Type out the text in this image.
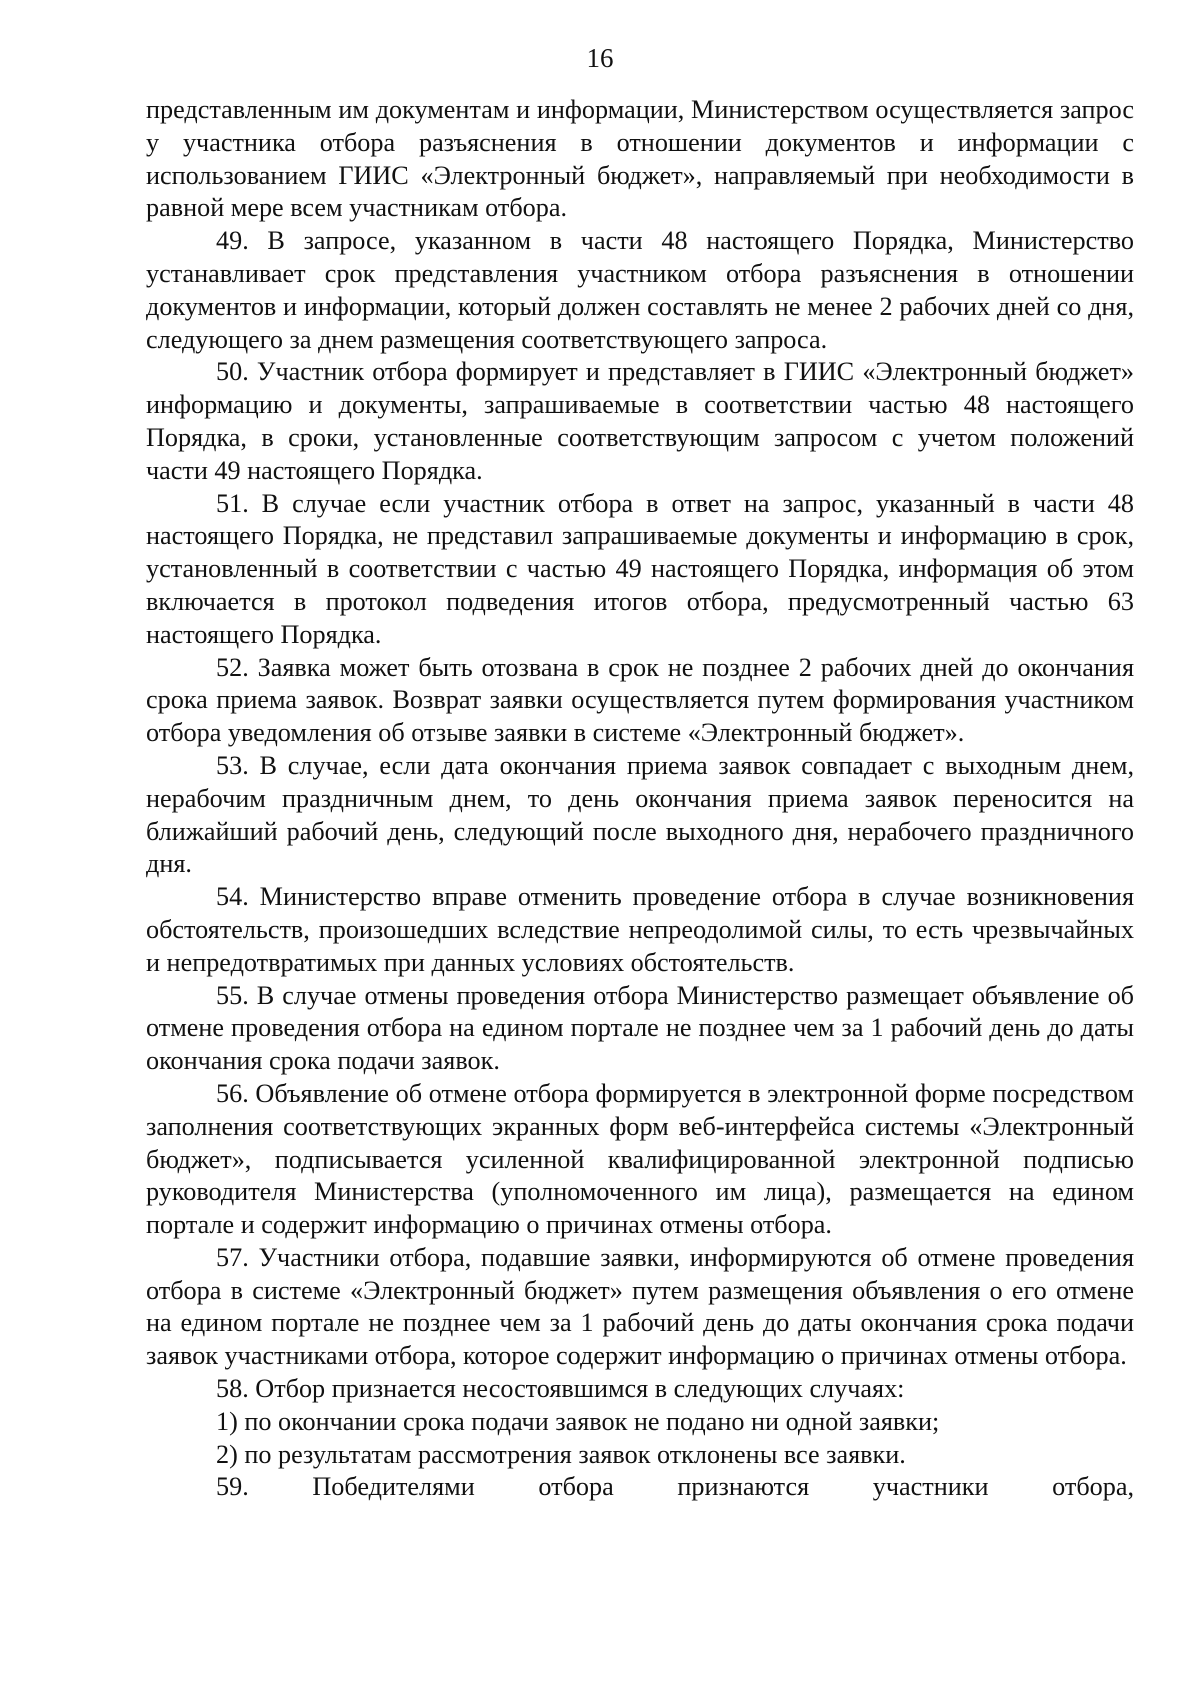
16

представленным им документам и информации, Министерством осуществляется запрос у участника отбора разъяснения в отношении документов и информации с использованием ГИИС «Электронный бюджет», направляемый при необходимости в равной мере всем участникам отбора.

49. В запросе, указанном в части 48 настоящего Порядка, Министерство устанавливает срок представления участником отбора разъяснения в отношении документов и информации, который должен составлять не менее 2 рабочих дней со дня, следующего за днем размещения соответствующего запроса.

50. Участник отбора формирует и представляет в ГИИС «Электронный бюджет» информацию и документы, запрашиваемые в соответствии частью 48 настоящего Порядка, в сроки, установленные соответствующим запросом с учетом положений части 49 настоящего Порядка.

51. В случае если участник отбора в ответ на запрос, указанный в части 48 настоящего Порядка, не представил запрашиваемые документы и информацию в срок, установленный в соответствии с частью 49 настоящего Порядка, информация об этом включается в протокол подведения итогов отбора, предусмотренный частью 63 настоящего Порядка.

52. Заявка может быть отозвана в срок не позднее 2 рабочих дней до окончания срока приема заявок. Возврат заявки осуществляется путем формирования участником отбора уведомления об отзыве заявки в системе «Электронный бюджет».

53. В случае, если дата окончания приема заявок совпадает с выходным днем, нерабочим праздничным днем, то день окончания приема заявок переносится на ближайший рабочий день, следующий после выходного дня, нерабочего праздничного дня.

54. Министерство вправе отменить проведение отбора в случае возникновения обстоятельств, произошедших вследствие непреодолимой силы, то есть чрезвычайных и непредотвратимых при данных условиях обстоятельств.

55. В случае отмены проведения отбора Министерство размещает объявление об отмене проведения отбора на едином портале не позднее чем за 1 рабочий день до даты окончания срока подачи заявок.

56. Объявление об отмене отбора формируется в электронной форме посредством заполнения соответствующих экранных форм веб-интерфейса системы «Электронный бюджет», подписывается усиленной квалифицированной электронной подписью руководителя Министерства (уполномоченного им лица), размещается на едином портале и содержит информацию о причинах отмены отбора.

57. Участники отбора, подавшие заявки, информируются об отмене проведения отбора в системе «Электронный бюджет» путем размещения объявления о его отмене на едином портале не позднее чем за 1 рабочий день до даты окончания срока подачи заявок участниками отбора, которое содержит информацию о причинах отмены отбора.

58. Отбор признается несостоявшимся в следующих случаях:

1) по окончании срока подачи заявок не подано ни одной заявки;

2) по результатам рассмотрения заявок отклонены все заявки.

59. Победителями отбора признаются участники отбора,
